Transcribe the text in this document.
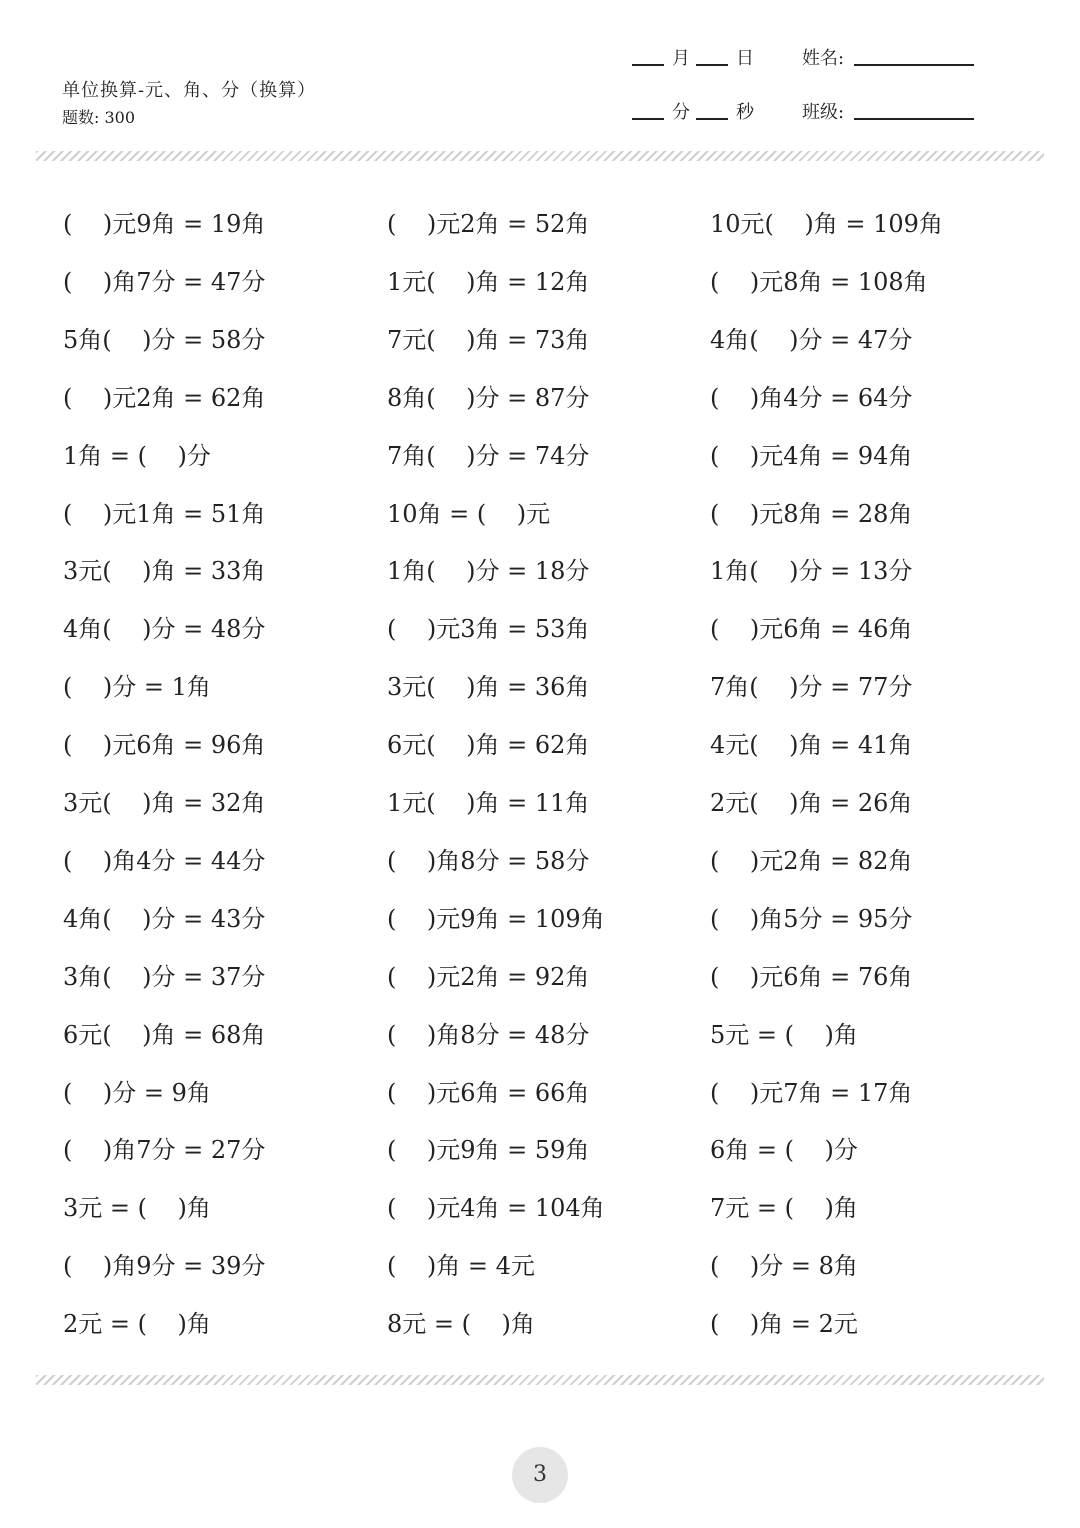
单位换算-元、角、分（换算）
题数: 300
月	日	姓名:
分	秒	班级:
(    )元9角 = 19角	(    )元2角 = 52角	10元(    )角 = 109角
(    )角7分 = 47分	1元(    )角 = 12角	(    )元8角 = 108角
5角(    )分 = 58分	7元(    )角 = 73角	4角(    )分 = 47分
(    )元2角 = 62角	8角(    )分 = 87分	(    )角4分 = 64分
1角 = (    )分	7角(    )分 = 74分	(    )元4角 = 94角
(    )元1角 = 51角	10角 = (    )元	(    )元8角 = 28角
3元(    )角 = 33角	1角(    )分 = 18分	1角(    )分 = 13分
4角(    )分 = 48分	(    )元3角 = 53角	(    )元6角 = 46角
(    )分 = 1角	3元(    )角 = 36角	7角(    )分 = 77分
(    )元6角 = 96角	6元(    )角 = 62角	4元(    )角 = 41角
3元(    )角 = 32角	1元(    )角 = 11角	2元(    )角 = 26角
(    )角4分 = 44分	(    )角8分 = 58分	(    )元2角 = 82角
4角(    )分 = 43分	(    )元9角 = 109角	(    )角5分 = 95分
3角(    )分 = 37分	(    )元2角 = 92角	(    )元6角 = 76角
6元(    )角 = 68角	(    )角8分 = 48分	5元 = (    )角
(    )分 = 9角	(    )元6角 = 66角	(    )元7角 = 17角
(    )角7分 = 27分	(    )元9角 = 59角	6角 = (    )分
3元 = (    )角	(    )元4角 = 104角	7元 = (    )角
(    )角9分 = 39分	(    )角 = 4元	(    )分 = 8角
2元 = (    )角	8元 = (    )角	(    )角 = 2元
3
